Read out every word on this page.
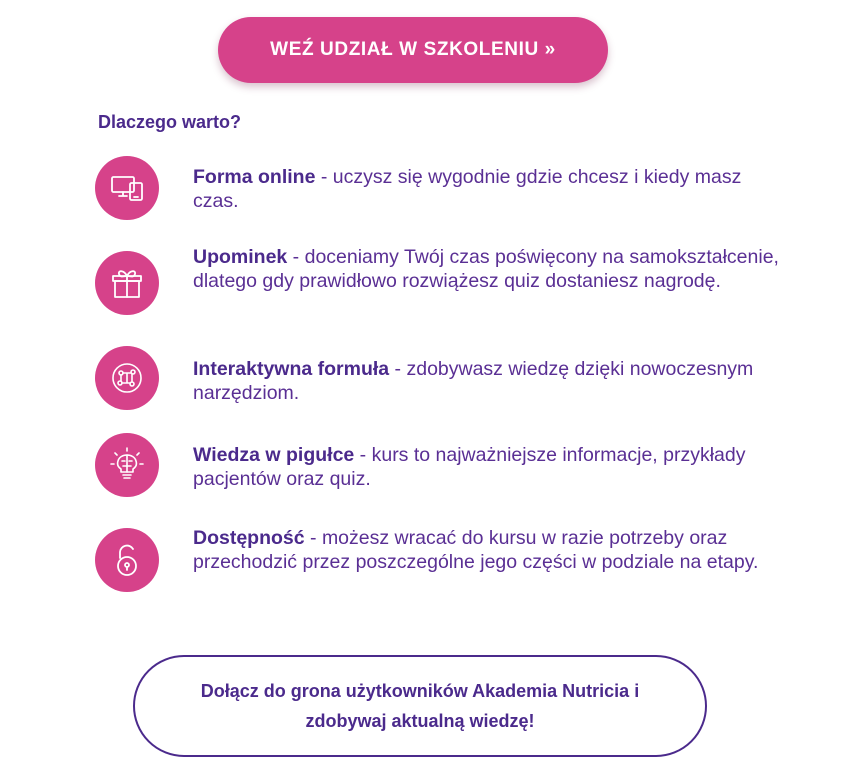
WEŹ UDZIAŁ W SZKOLENIU »
Dlaczego warto?
Forma online - uczysz się wygodnie gdzie chcesz i kiedy masz czas.
Upominek - doceniamy Twój czas poświęcony na samokształcenie, dlatego gdy prawidłowo rozwiążesz quiz dostaniesz nagrodę.
Interaktywna formuła - zdobywasz wiedzę dzięki nowoczesnym narzędziom.
Wiedza w pigułce - kurs to najważniejsze informacje, przykłady pacjentów oraz quiz.
Dostępność - możesz wracać do kursu w razie potrzeby oraz przechodzić przez poszczególne jego części w podziale na etapy.
Dołącz do grona użytkowników Akademia Nutricia i zdobywaj aktualną wiedzę!
